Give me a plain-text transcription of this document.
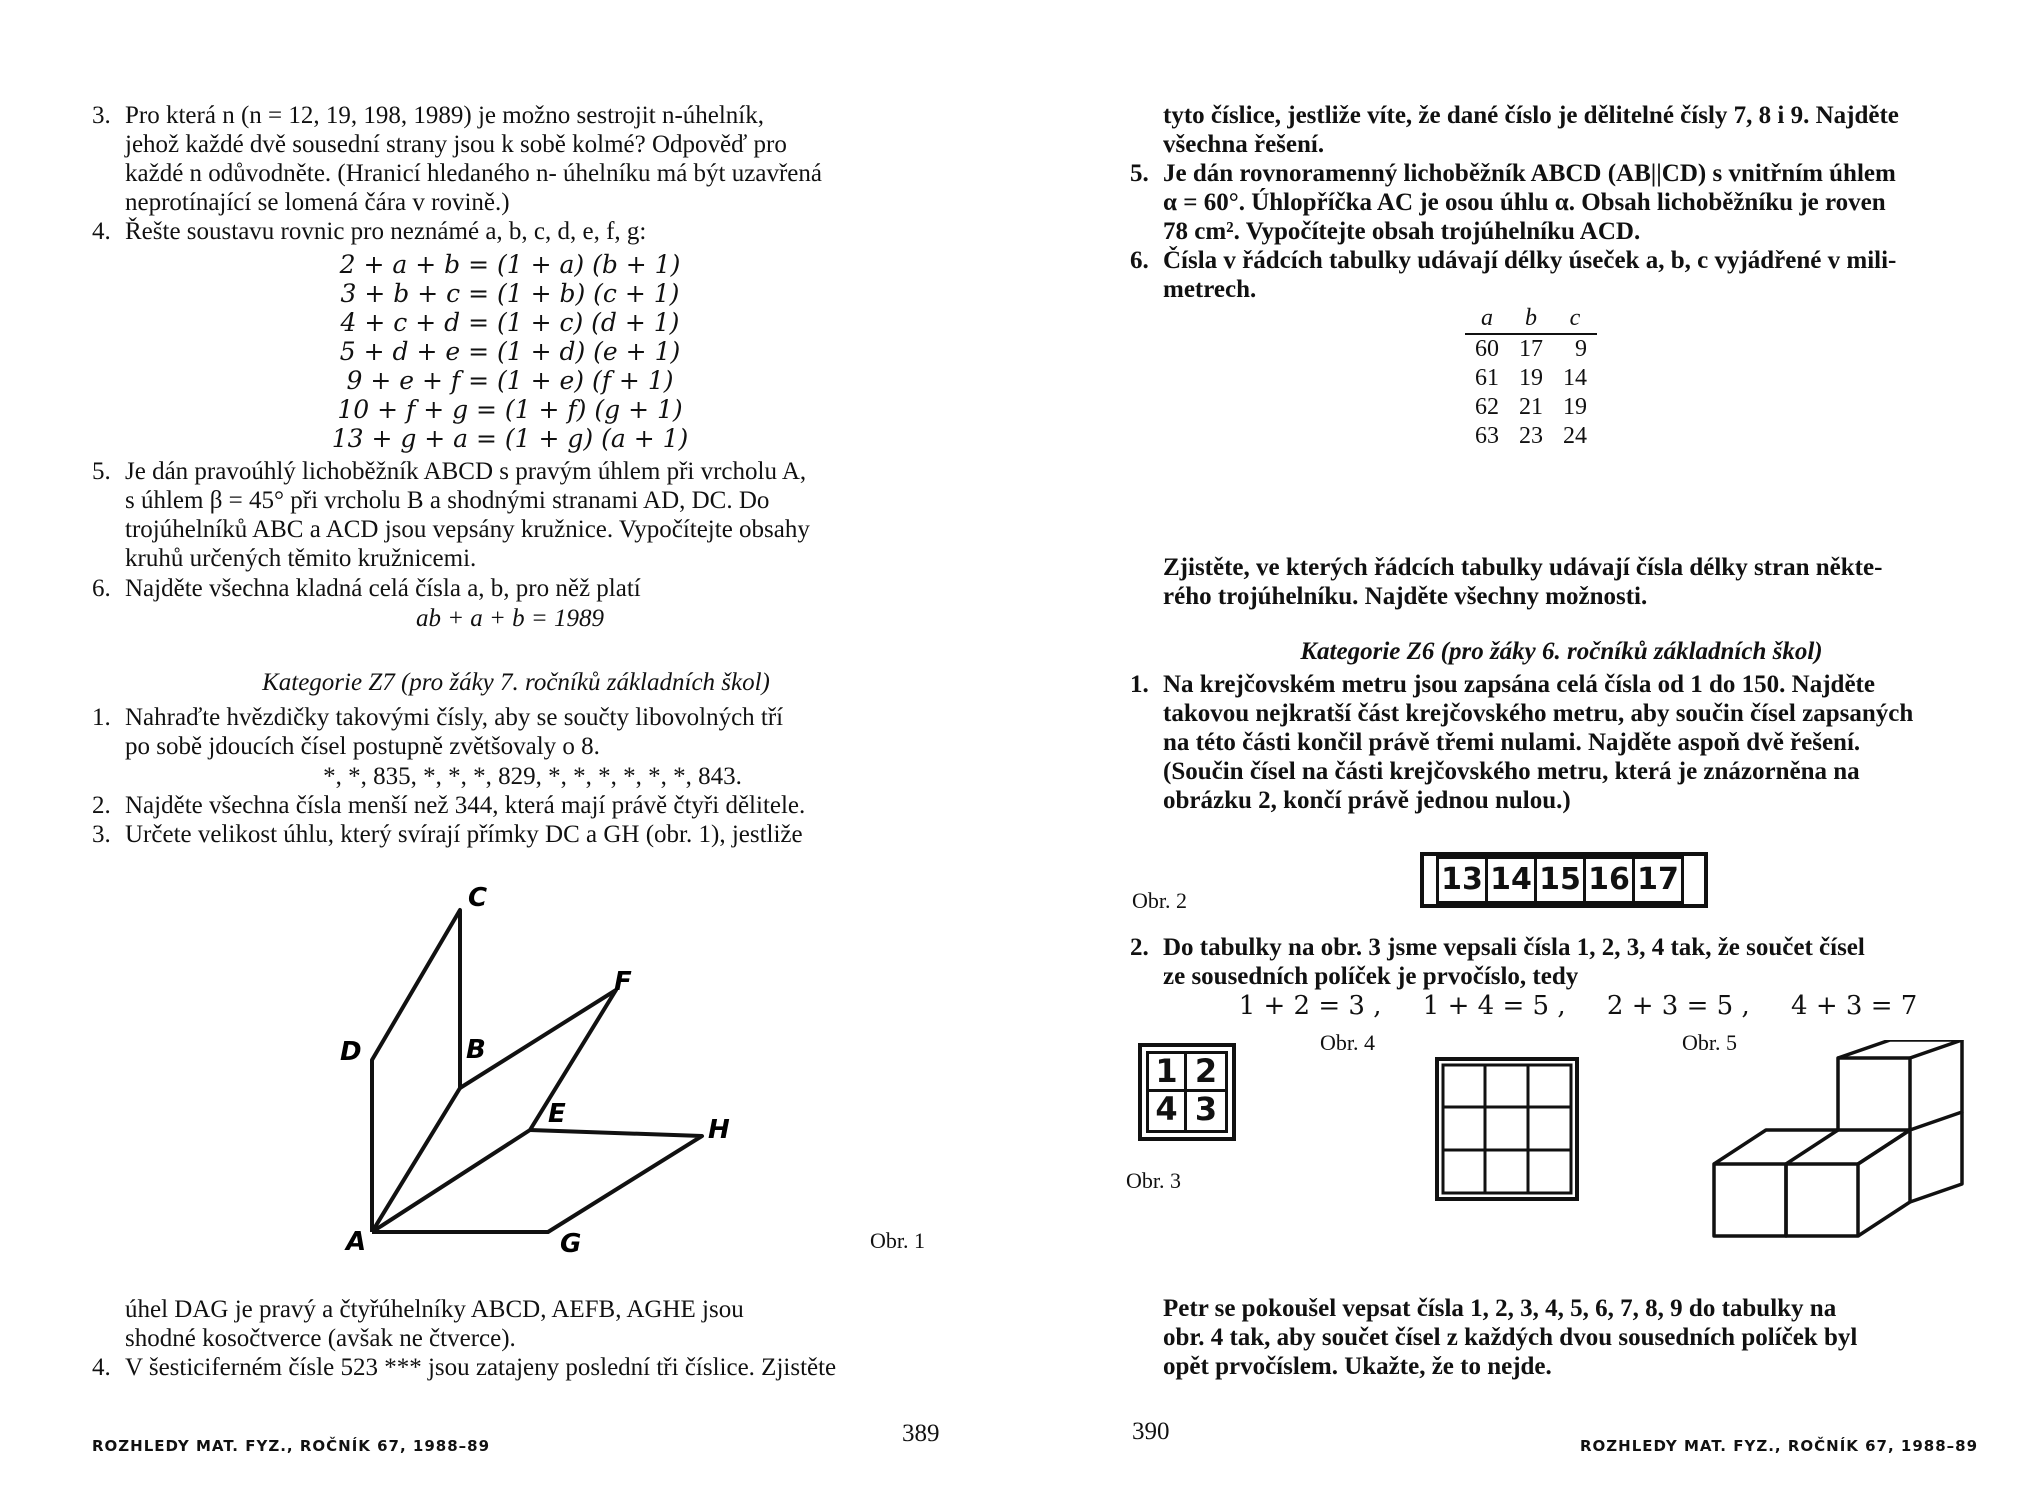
3. Pro která n (n = 12, 19, 198, 1989) je možno sestrojit n-úhelník,
jehož každé dvě sousední strany jsou k sobě kolmé? Odpověď pro
každé n odůvodněte. (Hranicí hledaného n- úhelníku má být uzavřená
neprotínající se lomená čára v rovině.)
4. Řešte soustavu rovnic pro neznámé a, b, c, d, e, f, g:
2 + a + b = (1 + a) (b + 1)
3 + b + c = (1 + b) (c + 1)
4 + c + d = (1 + c) (d + 1)
5 + d + e = (1 + d) (e + 1)
9 + e + f = (1 + e) (f + 1)
10 + f + g = (1 + f) (g + 1)
13 + g + a = (1 + g) (a + 1)
5. Je dán pravoúhlý lichoběžník ABCD s pravým úhlem při vrcholu A,
s úhlem β = 45° při vrcholu B a shodnými stranami AD, DC. Do
trojúhelníků ABC a ACD jsou vepsány kružnice. Vypočítejte obsahy
kruhů určených těmito kružnicemi.
6. Najděte všechna kladná celá čísla a, b, pro něž platí
ab + a + b = 1989
Kategorie Z7 (pro žáky 7. ročníků základních škol)
1. Nahraďte hvězdičky takovými čísly, aby se součty libovolných tří
po sobě jdoucích čísel postupně zvětšovaly o 8.
*, *, 835, *, *, *, 829, *, *, *, *, *, *, 843.
2. Najděte všechna čísla menší než 344, která mají právě čtyři dělitele.
3. Určete velikost úhlu, který svírají přímky DC a GH (obr. 1), jestliže
A
B
C
D
E
F
G
H
Obr. 1
úhel DAG je pravý a čtyřúhelníky ABCD, AEFB, AGHE jsou
shodné kosočtverce (avšak ne čtverce).
4. V šesticiferném čísle 523 *** jsou zatajeny poslední tři číslice. Zjistěte
ROZHLEDY MAT. FYZ., ROČNÍK 67, 1988–89	389
tyto číslice, jestliže víte, že dané číslo je dělitelné čísly 7, 8 i 9. Najděte
všechna řešení.
5. Je dán rovnoramenný lichoběžník ABCD (AB||CD) s vnitřním úhlem
α = 60°. Úhlopříčka AC je osou úhlu α. Obsah lichoběžníku je roven
78 cm². Vypočítejte obsah trojúhelníku ACD.
6. Čísla v řádcích tabulky udávají délky úseček a, b, c vyjádřené v mili-
metrech.
a	b	c
60	17	9
61	19	14
62	21	19
63	23	24
Zjistěte, ve kterých řádcích tabulky udávají čísla délky stran někte-
rého trojúhelníku. Najděte všechny možnosti.
Kategorie Z6 (pro žáky 6. ročníků základních škol)
1. Na krejčovském metru jsou zapsána celá čísla od 1 do 150. Najděte
takovou nejkratší část krejčovského metru, aby součin čísel zapsaných
na této části končil právě třemi nulami. Najděte aspoň dvě řešení.
(Součin čísel na části krejčovského metru, která je znázorněna na
obrázku 2, končí právě jednou nulou.)
13 14 15 16 17
Obr. 2
2. Do tabulky na obr. 3 jsme vepsali čísla 1, 2, 3, 4 tak, že součet čísel
ze sousedních políček je prvočíslo, tedy
1 + 2 = 3 ,     1 + 4 = 5 ,     2 + 3 = 5 ,     4 + 3 = 7
1 2
4 3
Obr. 3
Obr. 4	Obr. 5
Petr se pokoušel vepsat čísla 1, 2, 3, 4, 5, 6, 7, 8, 9 do tabulky na
obr. 4 tak, aby součet čísel z každých dvou sousedních políček byl
opět prvočíslem. Ukažte, že to nejde.
390
ROZHLEDY MAT. FYZ., ROČNÍK 67, 1988–89
